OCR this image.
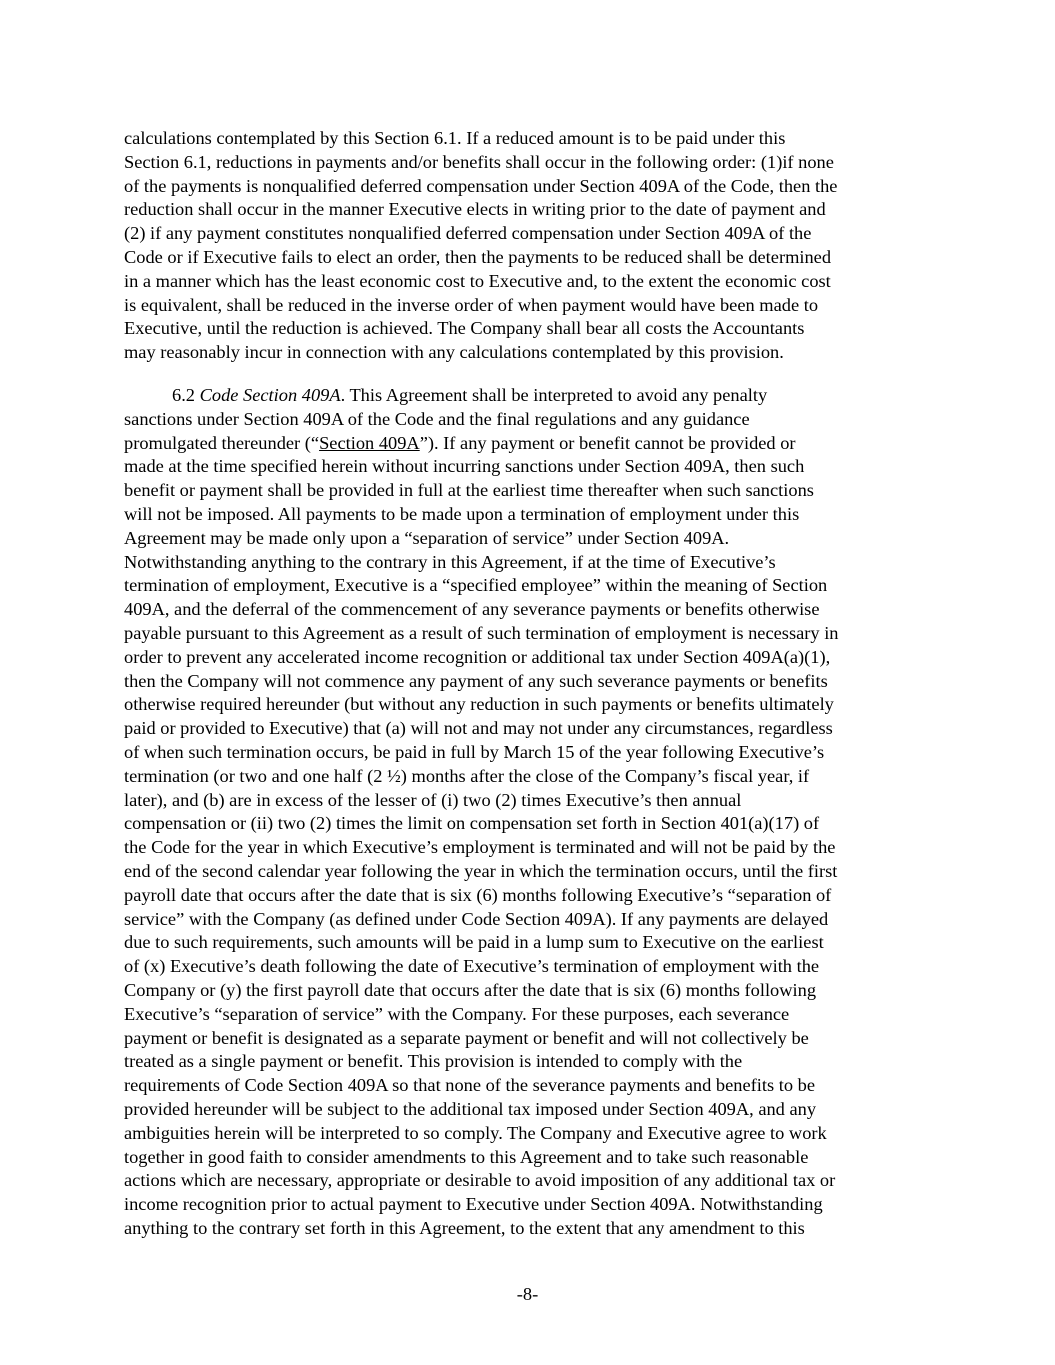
calculations contemplated by this Section 6.1. If a reduced amount is to be paid under this
Section 6.1, reductions in payments and/or benefits shall occur in the following order: (1)if none
of the payments is nonqualified deferred compensation under Section 409A of the Code, then the
reduction shall occur in the manner Executive elects in writing prior to the date of payment and
(2) if any payment constitutes nonqualified deferred compensation under Section 409A of the
Code or if Executive fails to elect an order, then the payments to be reduced shall be determined
in a manner which has the least economic cost to Executive and, to the extent the economic cost
is equivalent, shall be reduced in the inverse order of when payment would have been made to
Executive, until the reduction is achieved. The Company shall bear all costs the Accountants
may reasonably incur in connection with any calculations contemplated by this provision.

6.2 Code Section 409A. This Agreement shall be interpreted to avoid any penalty
sanctions under Section 409A of the Code and the final regulations and any guidance
promulgated thereunder (“Section 409A”). If any payment or benefit cannot be provided or
made at the time specified herein without incurring sanctions under Section 409A, then such
benefit or payment shall be provided in full at the earliest time thereafter when such sanctions
will not be imposed. All payments to be made upon a termination of employment under this
Agreement may be made only upon a “separation of service” under Section 409A.
Notwithstanding anything to the contrary in this Agreement, if at the time of Executive’s
termination of employment, Executive is a “specified employee” within the meaning of Section
409A, and the deferral of the commencement of any severance payments or benefits otherwise
payable pursuant to this Agreement as a result of such termination of employment is necessary in
order to prevent any accelerated income recognition or additional tax under Section 409A(a)(1),
then the Company will not commence any payment of any such severance payments or benefits
otherwise required hereunder (but without any reduction in such payments or benefits ultimately
paid or provided to Executive) that (a) will not and may not under any circumstances, regardless
of when such termination occurs, be paid in full by March 15 of the year following Executive’s
termination (or two and one half (2 ½) months after the close of the Company’s fiscal year, if
later), and (b) are in excess of the lesser of (i) two (2) times Executive’s then annual
compensation or (ii) two (2) times the limit on compensation set forth in Section 401(a)(17) of
the Code for the year in which Executive’s employment is terminated and will not be paid by the
end of the second calendar year following the year in which the termination occurs, until the first
payroll date that occurs after the date that is six (6) months following Executive’s “separation of
service” with the Company (as defined under Code Section 409A). If any payments are delayed
due to such requirements, such amounts will be paid in a lump sum to Executive on the earliest
of (x) Executive’s death following the date of Executive’s termination of employment with the
Company or (y) the first payroll date that occurs after the date that is six (6) months following
Executive’s “separation of service” with the Company. For these purposes, each severance
payment or benefit is designated as a separate payment or benefit and will not collectively be
treated as a single payment or benefit. This provision is intended to comply with the
requirements of Code Section 409A so that none of the severance payments and benefits to be
provided hereunder will be subject to the additional tax imposed under Section 409A, and any
ambiguities herein will be interpreted to so comply. The Company and Executive agree to work
together in good faith to consider amendments to this Agreement and to take such reasonable
actions which are necessary, appropriate or desirable to avoid imposition of any additional tax or
income recognition prior to actual payment to Executive under Section 409A. Notwithstanding
anything to the contrary set forth in this Agreement, to the extent that any amendment to this

-8-
